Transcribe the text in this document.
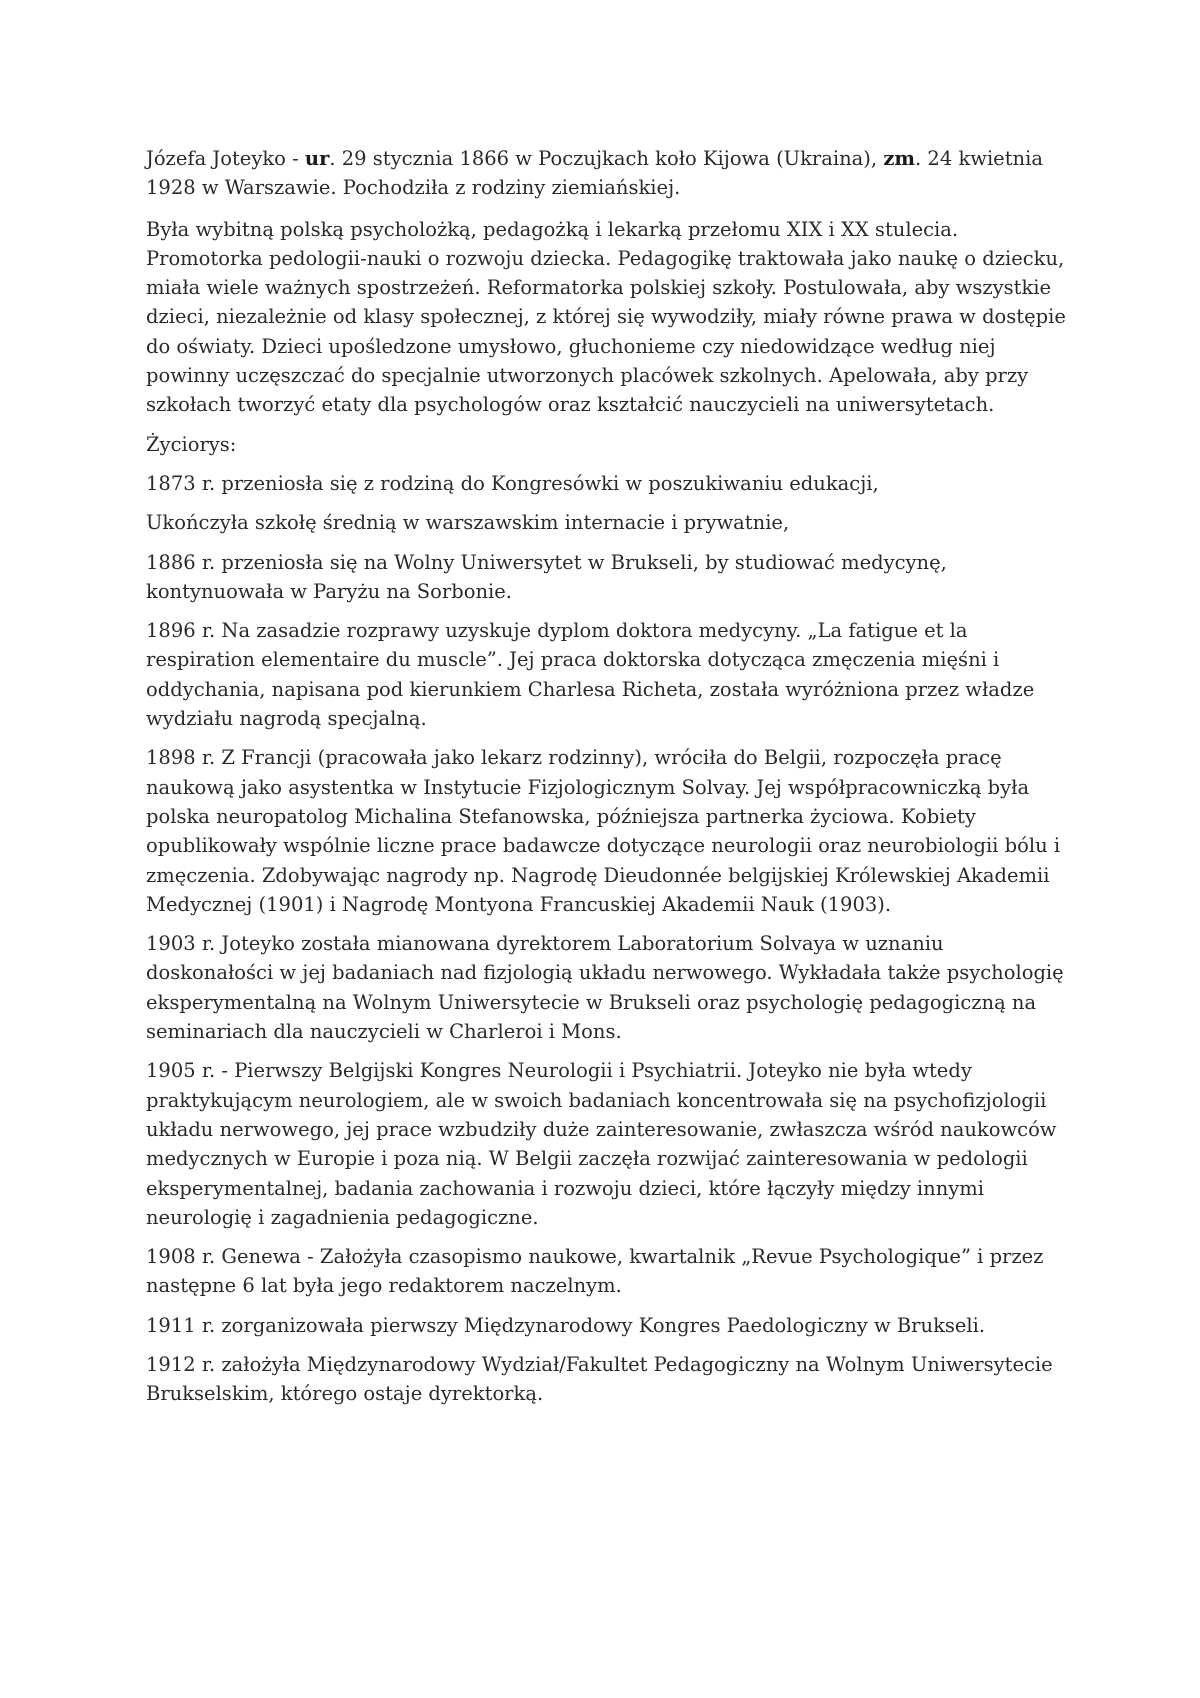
Józefa Joteyko - ur. 29 stycznia 1866 w Poczujkach koło Kijowa (Ukraina), zm. 24 kwietnia 1928 w Warszawie. Pochodziła z rodziny ziemiańskiej.

Była wybitną polską psycholożką, pedagożką i lekarką przełomu XIX i XX stulecia. Promotorka pedologii-nauki o rozwoju dziecka. Pedagogikę traktowała jako naukę o dziecku, miała wiele ważnych spostrzeżeń. Reformatorka polskiej szkoły. Postulowała, aby wszystkie dzieci, niezależnie od klasy społecznej, z której się wywodziły, miały równe prawa w dostępie do oświaty. Dzieci upośledzone umysłowo, głuchonieme czy niedowidzące według niej powinny uczęszczać do specjalnie utworzonych placówek szkolnych. Apelowała, aby przy szkołach tworzyć etaty dla psychologów oraz kształcić nauczycieli na uniwersytetach.

Życiorys:

1873 r. przeniosła się z rodziną do Kongresówki w poszukiwaniu edukacji,

Ukończyła szkołę średnią w warszawskim internacie i prywatnie,

1886 r. przeniosła się na Wolny Uniwersytet w Brukseli, by studiować medycynę, kontynuowała w Paryżu na Sorbonie.

1896 r. Na zasadzie rozprawy uzyskuje dyplom doktora medycyny. „La fatigue et la respiration elementaire du muscle”. Jej praca doktorska dotycząca zmęczenia mięśni i oddychania, napisana pod kierunkiem Charlesa Richeta, została wyróżniona przez władze wydziału nagrodą specjalną.

1898 r. Z Francji (pracowała jako lekarz rodzinny), wróciła do Belgii, rozpoczęła pracę naukową jako asystentka w Instytucie Fizjologicznym Solvay. Jej współpracowniczką była polska neuropatolog Michalina Stefanowska, późniejsza partnerka życiowa. Kobiety opublikowały wspólnie liczne prace badawcze dotyczące neurologii oraz neurobiologii bólu i zmęczenia. Zdobywając nagrody np. Nagrodę Dieudonnée belgijskiej Królewskiej Akademii Medycznej (1901) i Nagrodę Montyona Francuskiej Akademii Nauk (1903).

1903 r. Joteyko została mianowana dyrektorem Laboratorium Solvaya w uznaniu doskonałości w jej badaniach nad fizjologią układu nerwowego. Wykładała także psychologię eksperymentalną na Wolnym Uniwersytecie w Brukseli oraz psychologię pedagogiczną na seminariach dla nauczycieli w Charleroi i Mons.

1905 r. - Pierwszy Belgijski Kongres Neurologii i Psychiatrii. Joteyko nie była wtedy praktykującym neurologiem, ale w swoich badaniach koncentrowała się na psychofizjologii układu nerwowego, jej prace wzbudziły duże zainteresowanie, zwłaszcza wśród naukowców medycznych w Europie i poza nią. W Belgii zaczęła rozwijać zainteresowania w pedologii eksperymentalnej, badania zachowania i rozwoju dzieci, które łączyły między innymi neurologię i zagadnienia pedagogiczne.

1908 r. Genewa - Założyła czasopismo naukowe, kwartalnik „Revue Psychologique” i przez następne 6 lat była jego redaktorem naczelnym.

1911 r. zorganizowała pierwszy Międzynarodowy Kongres Paedologiczny w Brukseli.

1912 r. założyła Międzynarodowy Wydział/Fakultet Pedagogiczny na Wolnym Uniwersytecie Brukselskim, którego ostaje dyrektorką.
